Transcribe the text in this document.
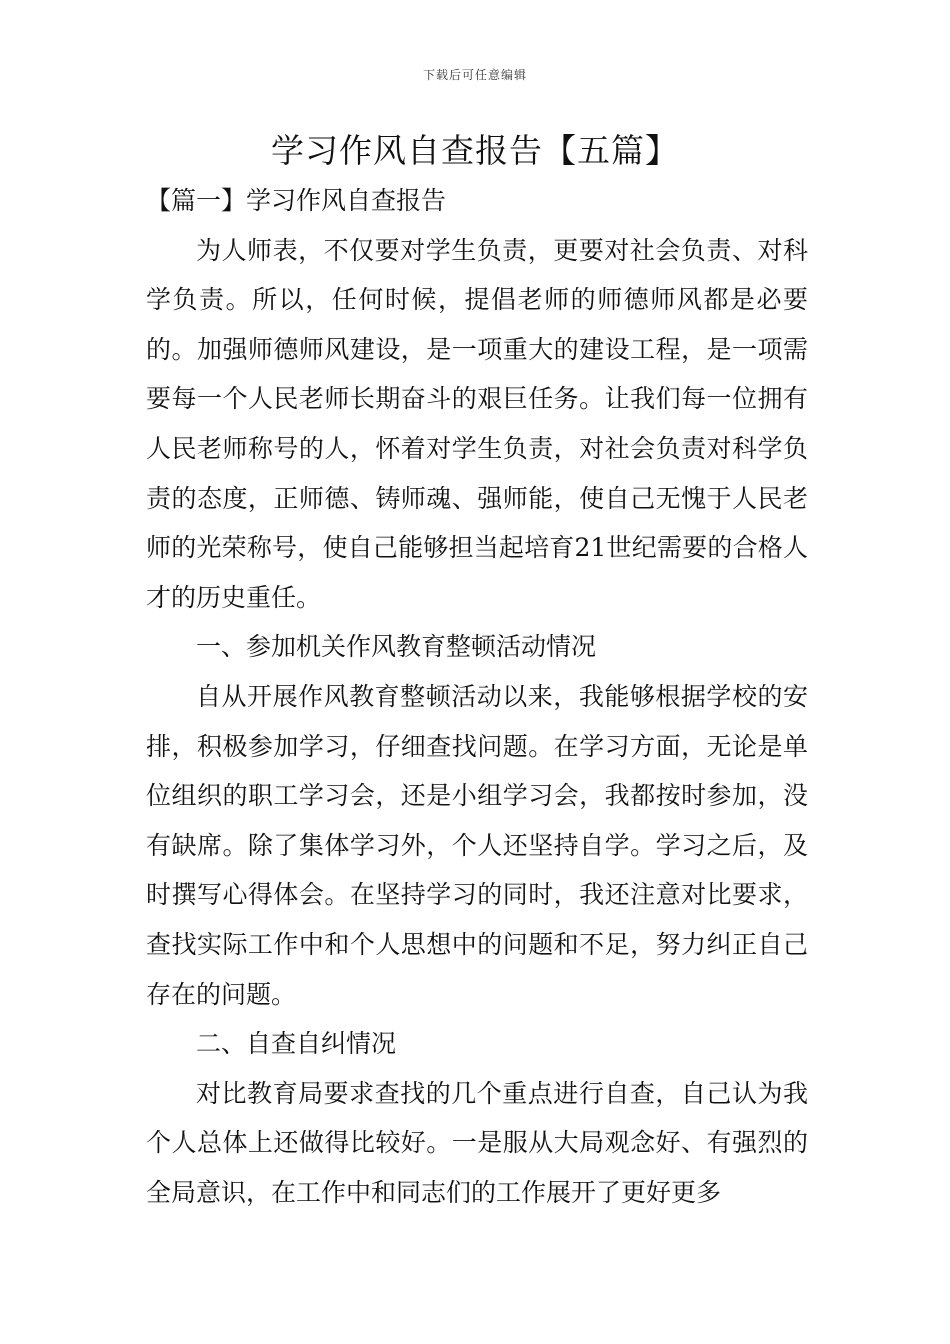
下载后可任意编辑
学习作风自查报告【五篇】

【篇一】学习作风自查报告

为人师表，不仅要对学生负责，更要对社会负责、对科学负责。所以，任何时候，提倡老师的师德师风都是必要的。加强师德师风建设，是一项重大的建设工程，是一项需要每一个人民老师长期奋斗的艰巨任务。让我们每一位拥有人民老师称号的人，怀着对学生负责，对社会负责对科学负责的态度，正师德、铸师魂、强师能，使自己无愧于人民老师的光荣称号，使自己能够担当起培育21世纪需要的合格人才的历史重任。

一、参加机关作风教育整顿活动情况

自从开展作风教育整顿活动以来，我能够根据学校的安排，积极参加学习，仔细查找问题。在学习方面，无论是单位组织的职工学习会，还是小组学习会，我都按时参加，没有缺席。除了集体学习外，个人还坚持自学。学习之后，及时撰写心得体会。在坚持学习的同时，我还注意对比要求，查找实际工作中和个人思想中的问题和不足，努力纠正自己存在的问题。

二、自查自纠情况

对比教育局要求查找的几个重点进行自查，自己认为我个人总体上还做得比较好。一是服从大局观念好、有强烈的全局意识，在工作中和同志们的工作展开了更好更多
